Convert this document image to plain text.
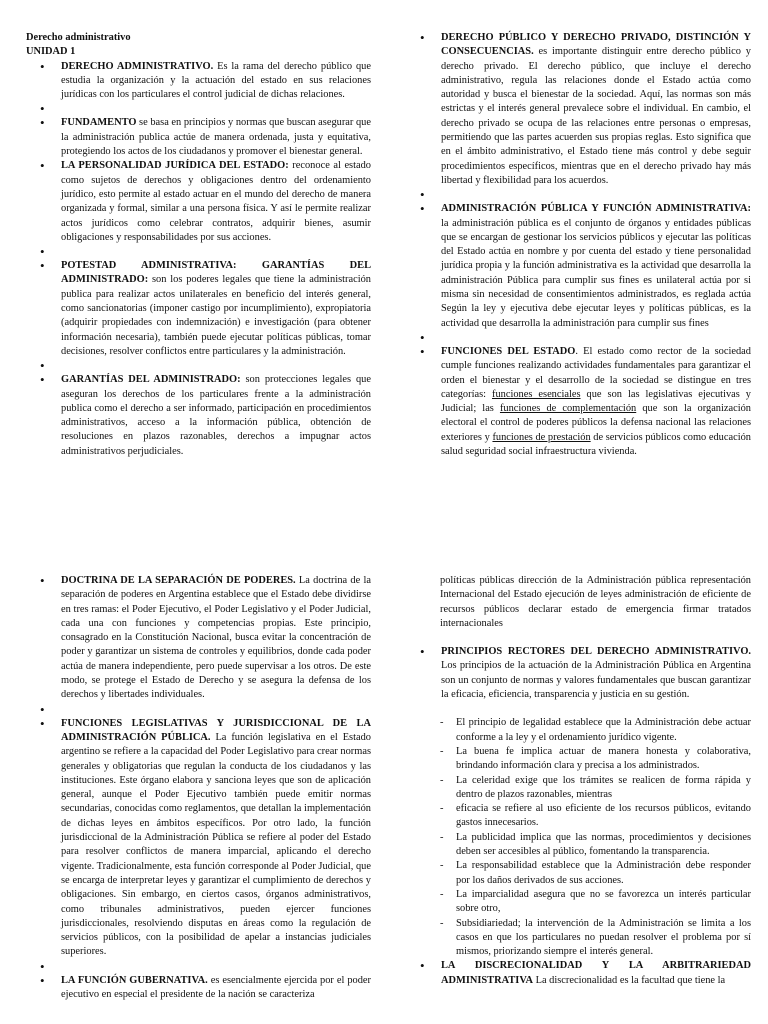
Derecho administrativo
UNIDAD 1
• DERECHO ADMINISTRATIVO. Es la rama del derecho público que estudia la organización y la actuación del estado en sus relaciones jurídicas con los particulares el control judicial de dichas relaciones.
•
• FUNDAMENTO se basa en principios y normas que buscan asegurar que la administración publica actúe de manera ordenada, justa y equitativa, protegiendo los actos de los ciudadanos y promover el bienestar general.
• LA PERSONALIDAD JURÍDICA DEL ESTADO: reconoce al estado como sujetos de derechos y obligaciones dentro del ordenamiento jurídico, esto permite al estado actuar en el mundo del derecho de manera organizada y formal, similar a una persona física. Y así le permite realizar actos jurídicos como celebrar contratos, adquirir bienes, asumir obligaciones y responsabilidades por sus acciones.
•
• POTESTAD ADMINISTRATIVA: GARANTÍAS DEL ADMINISTRADO: son los poderes legales que tiene la administración publica para realizar actos unilaterales en beneficio del interés general, como sancionatorias (imponer castigo por incumplimiento), expropiatoria (adquirir propiedades con indemnización) e investigación (para obtener información necesaria), también puede ejecutar políticas públicas, tomar decisiones, resolver conflictos entre particulares y la administración.
•
• GARANTÍAS DEL ADMINISTRADO: son protecciones legales que aseguran los derechos de los particulares frente a la administración publica como el derecho a ser informado, participación en procedimientos administrativos, acceso a la información pública, obtención de resoluciones en plazos razonables, derechos a impugnar actos administrativos perjudiciales.
• DERECHO PÚBLICO Y DERECHO PRIVADO, DISTINCIÓN Y CONSECUENCIAS. es importante distinguir entre derecho público y derecho privado. El derecho público, que incluye el derecho administrativo, regula las relaciones donde el Estado actúa como autoridad y busca el bienestar de la sociedad. Aquí, las normas son más estrictas y el interés general prevalece sobre el individual. En cambio, el derecho privado se ocupa de las relaciones entre personas o empresas, permitiendo que las partes acuerden sus propias reglas. Esto significa que en el ámbito administrativo, el Estado tiene más control y debe seguir procedimientos específicos, mientras que en el derecho privado hay más libertad y flexibilidad para los acuerdos.
•
• ADMINISTRACIÓN PÚBLICA Y FUNCIÓN ADMINISTRATIVA: la administración pública es el conjunto de órganos y entidades públicas que se encargan de gestionar los servicios públicos y ejecutar las políticas del Estado actúa en nombre y por cuenta del estado y tiene personalidad jurídica propia y la función administrativa es la actividad que desarrolla la administración Pública para cumplir sus fines es unilateral actúa por si misma sin necesidad de consentimientos administrados, es reglada actúa Según la ley y ejecutiva debe ejecutar leyes y políticas públicas, es la actividad que desarrolla la administración para cumplir sus fines
•
• FUNCIONES DEL ESTADO. El estado como rector de la sociedad cumple funciones realizando actividades fundamentales para garantizar el orden el bienestar y el desarrollo de la sociedad se distingue en tres categorías: funciones esenciales que son las legislativas ejecutivas y Judicial; las funciones de complementación que son la organización electoral el control de poderes públicos la defensa nacional las relaciones exteriores y funciones de prestación de servicios públicos como educación salud seguridad social infraestructura vivienda.
• DOCTRINA DE LA SEPARACIÓN DE PODERES. La doctrina de la separación de poderes en Argentina establece que el Estado debe dividirse en tres ramas: el Poder Ejecutivo, el Poder Legislativo y el Poder Judicial, cada una con funciones y competencias propias. Este principio, consagrado en la Constitución Nacional, busca evitar la concentración de poder y garantizar un sistema de controles y equilibrios, donde cada poder actúa de manera independiente, pero puede supervisar a los otros. De este modo, se protege el Estado de Derecho y se asegura la defensa de los derechos y libertades individuales.
•
• FUNCIONES LEGISLATIVAS Y JURISDICCIONAL DE LA ADMINISTRACIÓN PÚBLICA. La función legislativa en el Estado argentino se refiere a la capacidad del Poder Legislativo para crear normas generales y obligatorias que regulan la conducta de los ciudadanos y las instituciones. Este órgano elabora y sanciona leyes que son de aplicación general, aunque el Poder Ejecutivo también puede emitir normas secundarias, conocidas como reglamentos, que detallan la implementación de dichas leyes en ámbitos específicos. Por otro lado, la función jurisdiccional de la Administración Pública se refiere al poder del Estado para resolver conflictos de manera imparcial, aplicando el derecho vigente. Tradicionalmente, esta función corresponde al Poder Judicial, que se encarga de interpretar leyes y garantizar el cumplimiento de derechos y obligaciones. Sin embargo, en ciertos casos, órganos administrativos, como tribunales administrativos, pueden ejercer funciones jurisdiccionales, resolviendo disputas en áreas como la regulación de servicios públicos, con la posibilidad de apelar a instancias judiciales superiores.
•
• LA FUNCIÓN GUBERNATIVA. es esencialmente ejercida por el poder ejecutivo en especial el presidente de la nación se caracteriza
políticas públicas dirección de la Administración pública representación Internacional del Estado ejecución de leyes administración de eficiente de recursos públicos declarar estado de emergencia firmar tratados internacionales
• PRINCIPIOS RECTORES DEL DERECHO ADMINISTRATIVO. Los principios de la actuación de la Administración Pública en Argentina son un conjunto de normas y valores fundamentales que buscan garantizar la eficacia, eficiencia, transparencia y justicia en su gestión.
- El principio de legalidad establece que la Administración debe actuar conforme a la ley y el ordenamiento jurídico vigente.
- La buena fe implica actuar de manera honesta y colaborativa, brindando información clara y precisa a los administrados.
- La celeridad exige que los trámites se realicen de forma rápida y dentro de plazos razonables, mientras
- eficacia se refiere al uso eficiente de los recursos públicos, evitando gastos innecesarios.
- La publicidad implica que las normas, procedimientos y decisiones deben ser accesibles al público, fomentando la transparencia.
- La responsabilidad establece que la Administración debe responder por los daños derivados de sus acciones.
- La imparcialidad asegura que no se favorezca un interés particular sobre otro,
- Subsidiariedad; la intervención de la Administración se limita a los casos en que los particulares no puedan resolver el problema por sí mismos, priorizando siempre el interés general.
• LA DISCRECIONALIDAD Y LA ARBITRARIEDAD ADMINISTRATIVA La discrecionalidad es la facultad que tiene la
